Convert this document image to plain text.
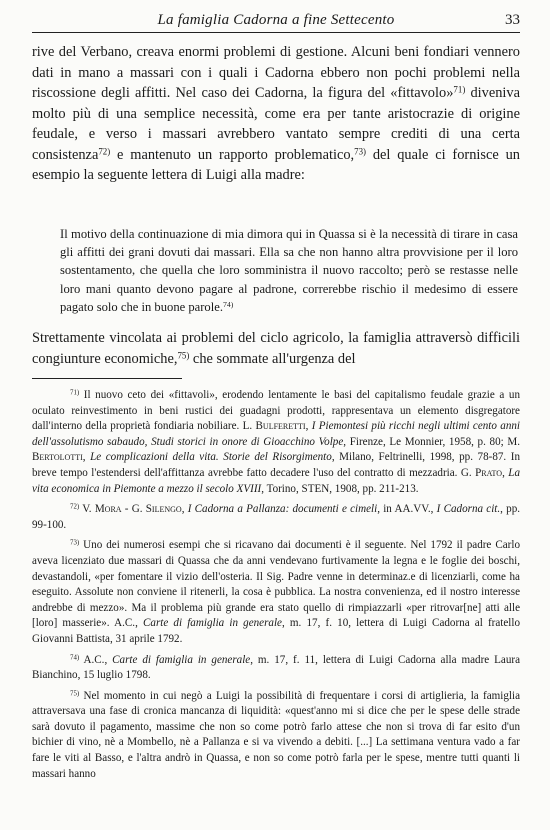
La famiglia Cadorna a fine Settecento	33

rive del Verbano, creava enormi problemi di gestione. Alcuni beni fondiari vennero dati in mano a massari con i quali i Cadorna ebbero non pochi problemi nella riscossione degli affitti. Nel caso dei Cadorna, la figura del «fittavolo»$^{71)}$ diveniva molto più di una semplice necessità, come era per tante aristocrazie di origine feudale, e verso i massari avrebbero vantato sempre crediti di una certa consistenza$^{72)}$ e mantenuto un rapporto problematico,$^{73)}$ del quale ci fornisce un esempio la seguente lettera di Luigi alla madre:

Il motivo della continuazione di mia dimora qui in Quassa si è la necessità di tirare in casa gli affitti dei grani dovuti dai massari. Ella sa che non hanno altra provvisione per il loro sostentamento, che quella che loro somministra il nuovo raccolto; però se restasse nelle loro mani quanto devono pagare al padrone, correrebbe rischio il medesimo di essere pagato solo che in buone parole.$^{74)}$

Strettamente vincolata ai problemi del ciclo agricolo, la famiglia attraversò difficili congiunture economiche,$^{75)}$ che sommate all'urgenza del

$^{71)}$ Il nuovo ceto dei «fittavoli», erodendo lentamente le basi del capitalismo feudale grazie a un oculato reinvestimento in beni rustici dei guadagni prodotti, rappresentava un elemento disgregatore dall'interno della proprietà fondiaria nobiliare. L. Bulferetti, I Piemontesi più ricchi negli ultimi cento anni dell'assolutismo sabaudo, Studi storici in onore di Gioacchino Volpe, Firenze, Le Monnier, 1958, p. 80; M. Bertolotti, Le complicazioni della vita. Storie del Risorgimento, Milano, Feltrinelli, 1998, pp. 78-87. In breve tempo l'estendersi dell'affittanza avrebbe fatto decadere l'uso del contratto di mezzadria. G. Prato, La vita economica in Piemonte a mezzo il secolo XVIII, Torino, STEN, 1908, pp. 211-213.

$^{72)}$ V. Mora - G. Silengo, I Cadorna a Pallanza: documenti e cimeli, in AA.VV., I Cadorna cit., pp. 99-100.

$^{73)}$ Uno dei numerosi esempi che si ricavano dai documenti è il seguente. Nel 1792 il padre Carlo aveva licenziato due massari di Quassa che da anni vendevano furtivamente la legna e le foglie dei boschi, devastandoli, «per fomentare il vizio dell'osteria. Il Sig. Padre venne in determinaz.e di licenziarli, come ha eseguito. Assolute non conviene il ritenerli, la cosa è pubblica. La nostra convenienza, ed il nostro interesse andrebbe di mezzo». Ma il problema più grande era stato quello di rimpiazzarli «per ritrovar[ne] atti alle [loro] masserie». A.C., Carte di famiglia in generale, m. 17, f. 10, lettera di Luigi Cadorna al fratello Giovanni Battista, 31 aprile 1792.

$^{74)}$ A.C., Carte di famiglia in generale, m. 17, f. 11, lettera di Luigi Cadorna alla madre Laura Bianchino, 15 luglio 1798.

$^{75)}$ Nel momento in cui negò a Luigi la possibilità di frequentare i corsi di artiglieria, la famiglia attraversava una fase di cronica mancanza di liquidità: «quest'anno mi si dice che per le spese delle strade sarà dovuto il pagamento, massime che non so come potrò farlo attese che non si trova di far esito d'un bichier di vino, nè a Mombello, nè a Pallanza e si va vivendo a debiti. [...] La settimana ventura vado a far fare le viti al Basso, e l'altra andrò in Quassa, e non so come potrò farla per le spese, mentre tutti quanti li massari hanno
